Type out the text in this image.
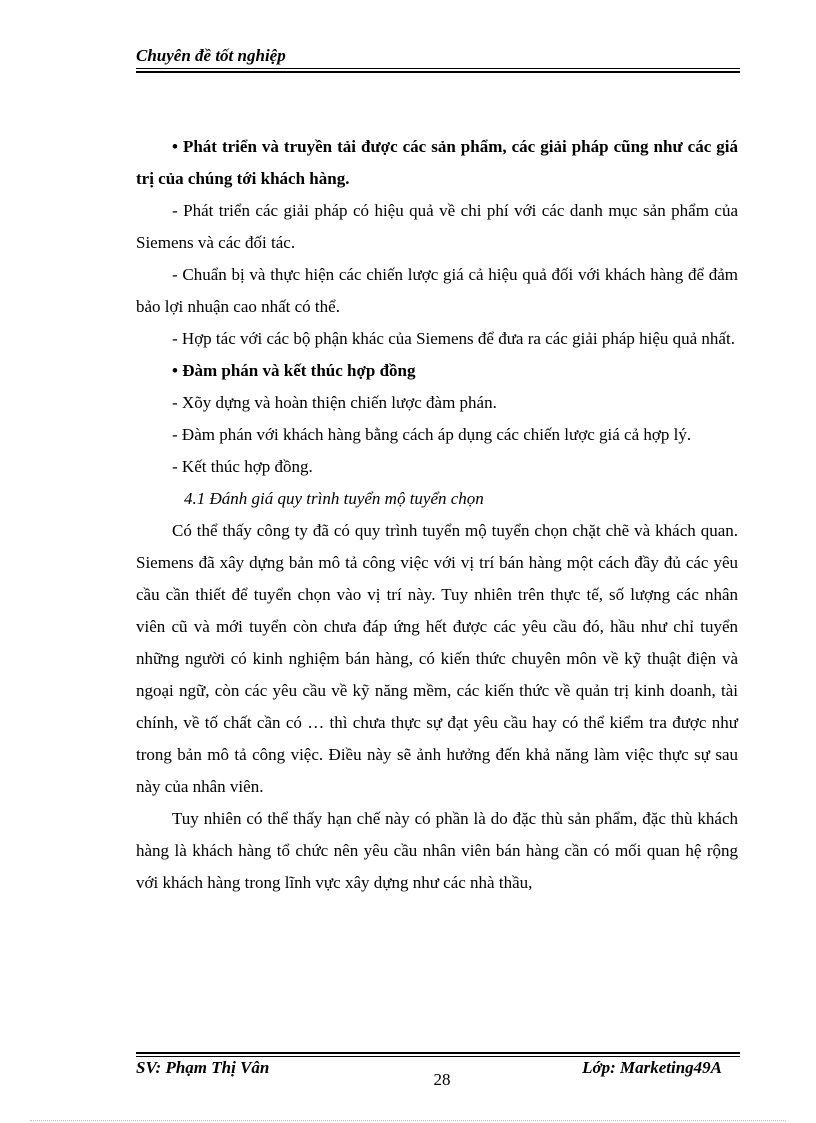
Chuyên đề tốt nghiệp

• Phát triển và truyền tải được các sản phẩm, các giải pháp cũng như các giá trị của chúng tới khách hàng.

- Phát triển các giải pháp có hiệu quả về chi phí với các danh mục sản phẩm của Siemens và các đối tác.

- Chuẩn bị và thực hiện các chiến lược giá cả hiệu quả đối với khách hàng để đảm bảo lợi nhuận cao nhất có thể.

- Hợp tác với các bộ phận khác của Siemens để đưa ra các giải pháp hiệu quả nhất.

• Đàm phán và kết thúc hợp đồng

- Xõy dựng và hoàn thiện chiến lược đàm phán.

- Đàm phán với khách hàng bằng cách áp dụng các chiến lược giá cả hợp lý.

- Kết thúc hợp đồng.

4.1 Đánh giá quy trình tuyển mộ tuyển chọn

Có thể thấy công ty đã có quy trình tuyển mộ tuyển chọn chặt chẽ và khách quan. Siemens đã xây dựng bản mô tả công việc với vị trí bán hàng một cách đầy đủ các yêu cầu cần thiết để tuyển chọn vào vị trí này. Tuy nhiên trên thực tế, số lượng các nhân viên cũ và mới tuyển còn chưa đáp ứng hết được các yêu cầu đó, hầu như chỉ tuyển những người có kinh nghiệm bán hàng, có kiến thức chuyên môn về kỹ thuật điện và ngoại ngữ, còn các yêu cầu về kỹ năng mềm, các kiến thức về quản trị kinh doanh, tài chính, về tố chất cần có … thì chưa thực sự đạt yêu cầu hay có thể kiểm tra được như trong bản mô tả công việc. Điều này sẽ ảnh hưởng đến khả năng làm việc thực sự sau này của nhân viên.

Tuy nhiên có thể thấy hạn chế này có phần là do đặc thù sản phẩm, đặc thù khách hàng là khách hàng tổ chức nên yêu cầu nhân viên bán hàng cần có mối quan hệ rộng với khách hàng trong lĩnh vực xây dựng như các nhà thầu,

SV: Phạm Thị Vân
28
Lớp: Marketing49A
